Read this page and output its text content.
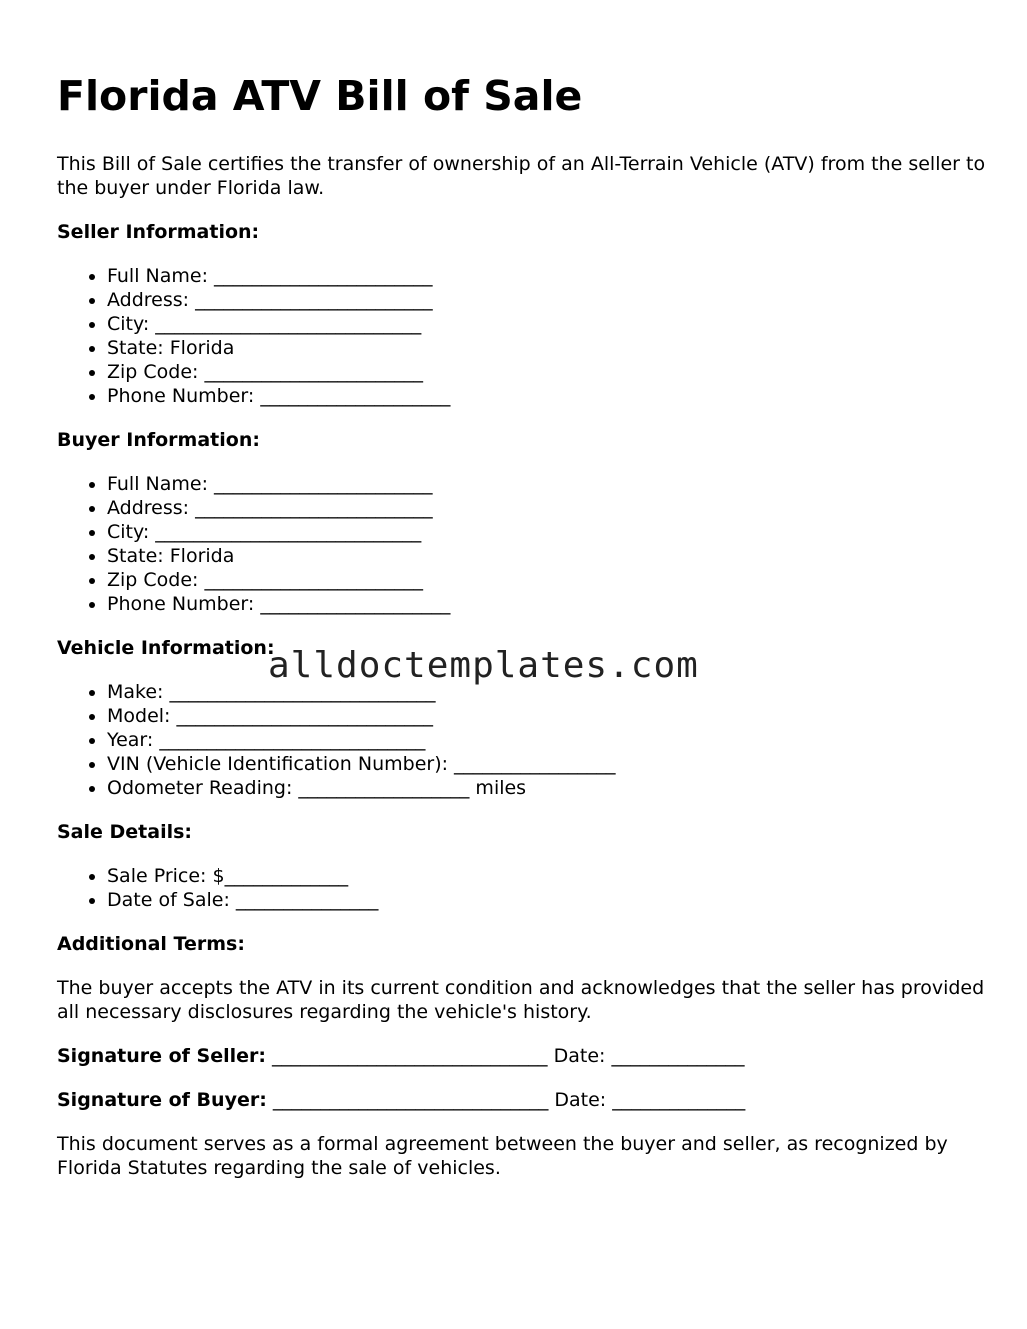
Florida ATV Bill of Sale

This Bill of Sale certifies the transfer of ownership of an All-Terrain Vehicle (ATV) from the seller to the buyer under Florida law.

Seller Information:
• Full Name: _______________________
• Address: _________________________
• City: ____________________________
• State: Florida
• Zip Code: _______________________
• Phone Number: ____________________
Buyer Information:
• Full Name: _______________________
• Address: _________________________
• City: ____________________________
• State: Florida
• Zip Code: _______________________
• Phone Number: ____________________
Vehicle Information:
• Make: ____________________________
• Model: ___________________________
• Year: ____________________________
• VIN (Vehicle Identification Number): _________________
• Odometer Reading: __________________ miles
Sale Details:
• Sale Price: $_____________
• Date of Sale: _______________
Additional Terms:

The buyer accepts the ATV in its current condition and acknowledges that the seller has provided all necessary disclosures regarding the vehicle's history.

Signature of Seller: _____________________________ Date: ______________
Signature of Buyer: _____________________________ Date: ______________

This document serves as a formal agreement between the buyer and seller, as recognized by Florida Statutes regarding the sale of vehicles.

alldoctemplates.com
